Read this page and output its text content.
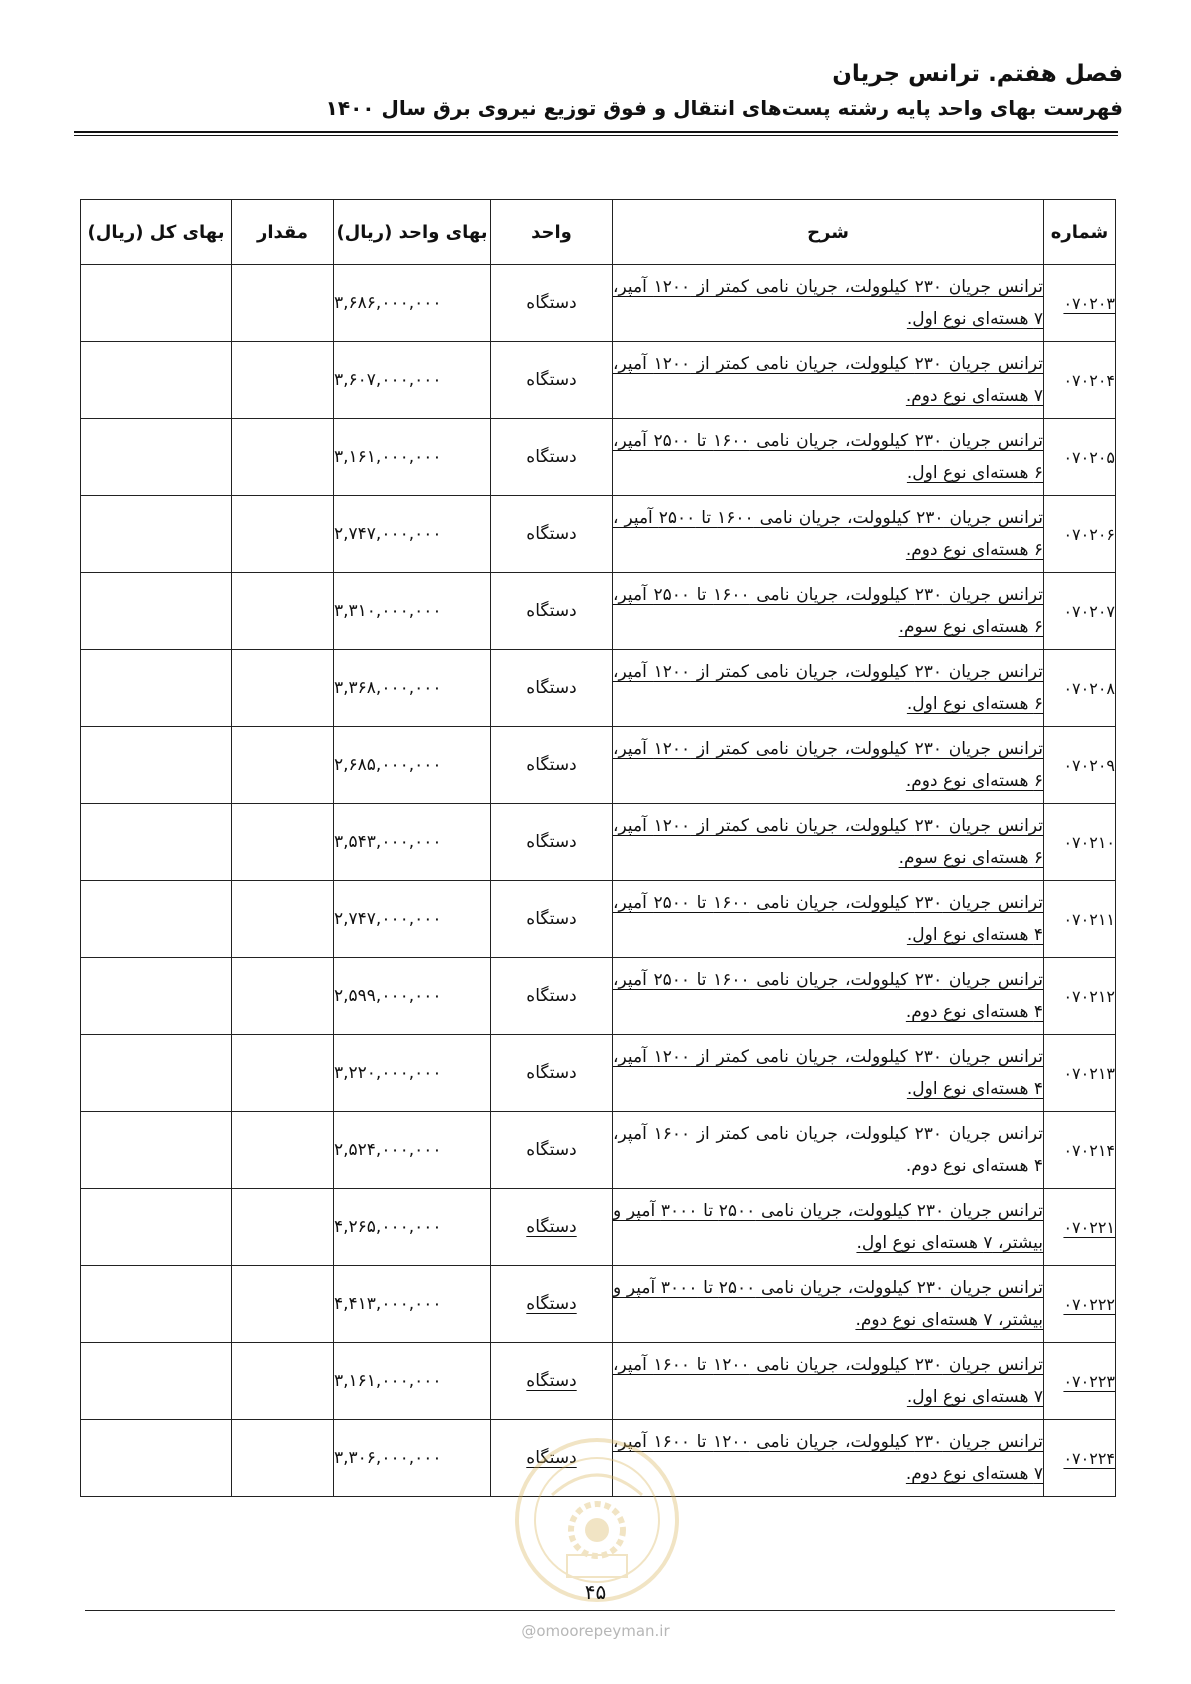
فصل هفتم. ترانس جریان
فهرست بهای واحد پایه رشته پست‌های انتقال و فوق توزیع نیروی برق سال ۱۴۰۰
شماره	شرح	واحد	بهای واحد (ریال)	مقدار	بهای کل (ریال)
۰۷۰۲۰۳	ترانس جریان ۲۳۰ کیلوولت، جریان نامی کمتر از ۱۲۰۰ آمپر، ۷ هسته‌ای نوع اول.	دستگاه	۳,۶۸۶,۰۰۰,۰۰۰		
۰۷۰۲۰۴	ترانس جریان ۲۳۰ کیلوولت، جریان نامی کمتر از ۱۲۰۰ آمپر، ۷ هسته‌ای نوع دوم.	دستگاه	۳,۶۰۷,۰۰۰,۰۰۰		
۰۷۰۲۰۵	ترانس جریان ۲۳۰ کیلوولت، جریان نامی ۱۶۰۰ تا ۲۵۰۰ آمپر، ۶ هسته‌ای نوع اول.	دستگاه	۳,۱۶۱,۰۰۰,۰۰۰		
۰۷۰۲۰۶	ترانس جریان ۲۳۰ کیلوولت، جریان نامی ۱۶۰۰ تا ۲۵۰۰ آمپر ، ۶ هسته‌ای نوع دوم.	دستگاه	۲,۷۴۷,۰۰۰,۰۰۰		
۰۷۰۲۰۷	ترانس جریان ۲۳۰ کیلوولت، جریان نامی ۱۶۰۰ تا ۲۵۰۰ آمپر، ۶ هسته‌ای نوع سوم.	دستگاه	۳,۳۱۰,۰۰۰,۰۰۰		
۰۷۰۲۰۸	ترانس جریان ۲۳۰ کیلوولت، جریان نامی کمتر از ۱۲۰۰ آمپر، ۶ هسته‌ای نوع اول.	دستگاه	۳,۳۶۸,۰۰۰,۰۰۰		
۰۷۰۲۰۹	ترانس جریان ۲۳۰ کیلوولت، جریان نامی کمتر از ۱۲۰۰ آمپر، ۶ هسته‌ای نوع دوم.	دستگاه	۲,۶۸۵,۰۰۰,۰۰۰		
۰۷۰۲۱۰	ترانس جریان ۲۳۰ کیلوولت، جریان نامی کمتر از ۱۲۰۰ آمپر، ۶ هسته‌ای نوع سوم.	دستگاه	۳,۵۴۳,۰۰۰,۰۰۰		
۰۷۰۲۱۱	ترانس جریان ۲۳۰ کیلوولت، جریان نامی ۱۶۰۰ تا ۲۵۰۰ آمپر، ۴ هسته‌ای نوع اول.	دستگاه	۲,۷۴۷,۰۰۰,۰۰۰		
۰۷۰۲۱۲	ترانس جریان ۲۳۰ کیلوولت، جریان نامی ۱۶۰۰ تا ۲۵۰۰ آمپر، ۴ هسته‌ای نوع دوم.	دستگاه	۲,۵۹۹,۰۰۰,۰۰۰		
۰۷۰۲۱۳	ترانس جریان ۲۳۰ کیلوولت، جریان نامی کمتر از ۱۲۰۰ آمپر، ۴ هسته‌ای نوع اول.	دستگاه	۳,۲۲۰,۰۰۰,۰۰۰		
۰۷۰۲۱۴	ترانس جریان ۲۳۰ کیلوولت، جریان نامی کمتر از ۱۶۰۰ آمپر، ۴ هسته‌ای نوع دوم.	دستگاه	۲,۵۲۴,۰۰۰,۰۰۰		
۰۷۰۲۲۱	ترانس جریان ۲۳۰ کیلوولت، جریان نامی ۲۵۰۰ تا ۳۰۰۰ آمپر و بیشتر، ۷ هسته‌ای نوع اول.	دستگاه	۴,۲۶۵,۰۰۰,۰۰۰		
۰۷۰۲۲۲	ترانس جریان ۲۳۰ کیلوولت، جریان نامی ۲۵۰۰ تا ۳۰۰۰ آمپر و بیشتر، ۷ هسته‌ای نوع دوم.	دستگاه	۴,۴۱۳,۰۰۰,۰۰۰		
۰۷۰۲۲۳	ترانس جریان ۲۳۰ کیلوولت، جریان نامی ۱۲۰۰ تا ۱۶۰۰ آمپر، ۷ هسته‌ای نوع اول.	دستگاه	۳,۱۶۱,۰۰۰,۰۰۰		
۰۷۰۲۲۴	ترانس جریان ۲۳۰ کیلوولت، جریان نامی ۱۲۰۰ تا ۱۶۰۰ آمپر، ۷ هسته‌ای نوع دوم.	دستگاه	۳,۳۰۶,۰۰۰,۰۰۰		
۴۵
@omoorepeyman.ir
